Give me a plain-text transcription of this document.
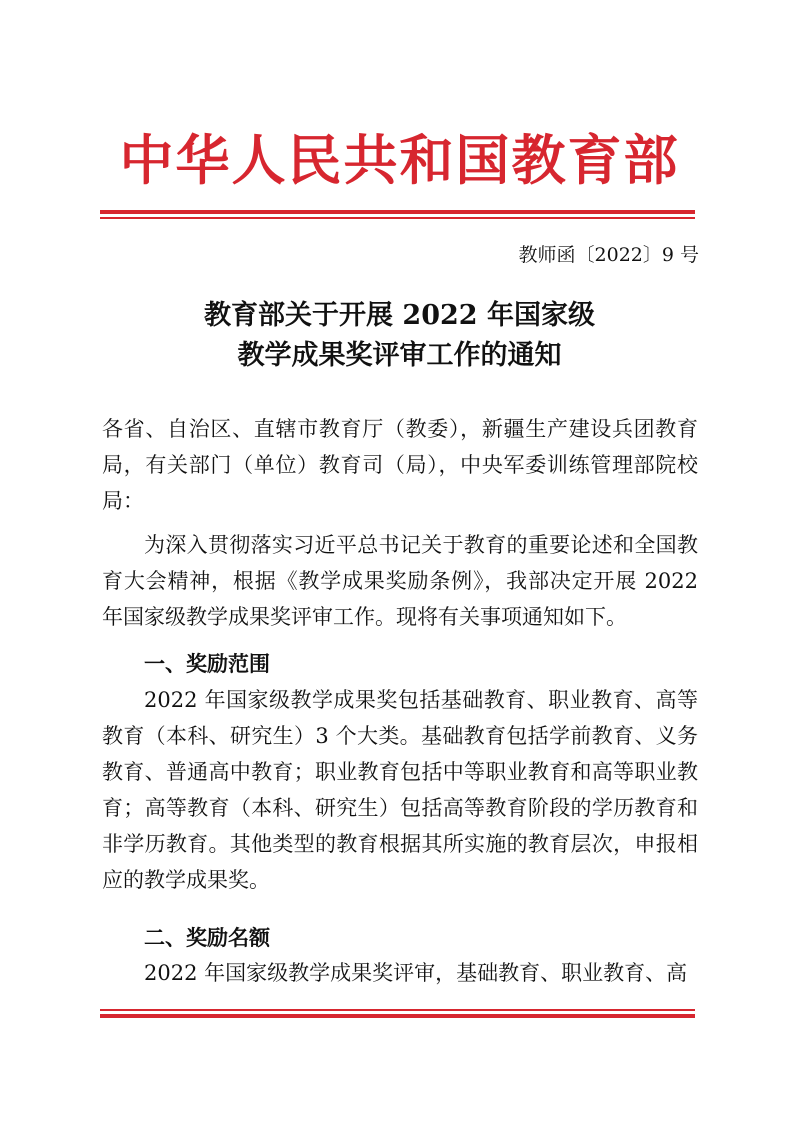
中华人民共和国教育部
教师函〔2022〕9 号
教育部关于开展 2022 年国家级
教学成果奖评审工作的通知
各省、自治区、直辖市教育厅（教委），新疆生产建设兵团教育局，有关部门（单位）教育司（局），中央军委训练管理部院校局：
为深入贯彻落实习近平总书记关于教育的重要论述和全国教育大会精神，根据《教学成果奖励条例》，我部决定开展 2022 年国家级教学成果奖评审工作。现将有关事项通知如下。
一、奖励范围
2022 年国家级教学成果奖包括基础教育、职业教育、高等教育（本科、研究生）3 个大类。基础教育包括学前教育、义务教育、普通高中教育；职业教育包括中等职业教育和高等职业教育；高等教育（本科、研究生）包括高等教育阶段的学历教育和非学历教育。其他类型的教育根据其所实施的教育层次，申报相应的教学成果奖。
二、奖励名额
2022 年国家级教学成果奖评审，基础教育、职业教育、高
